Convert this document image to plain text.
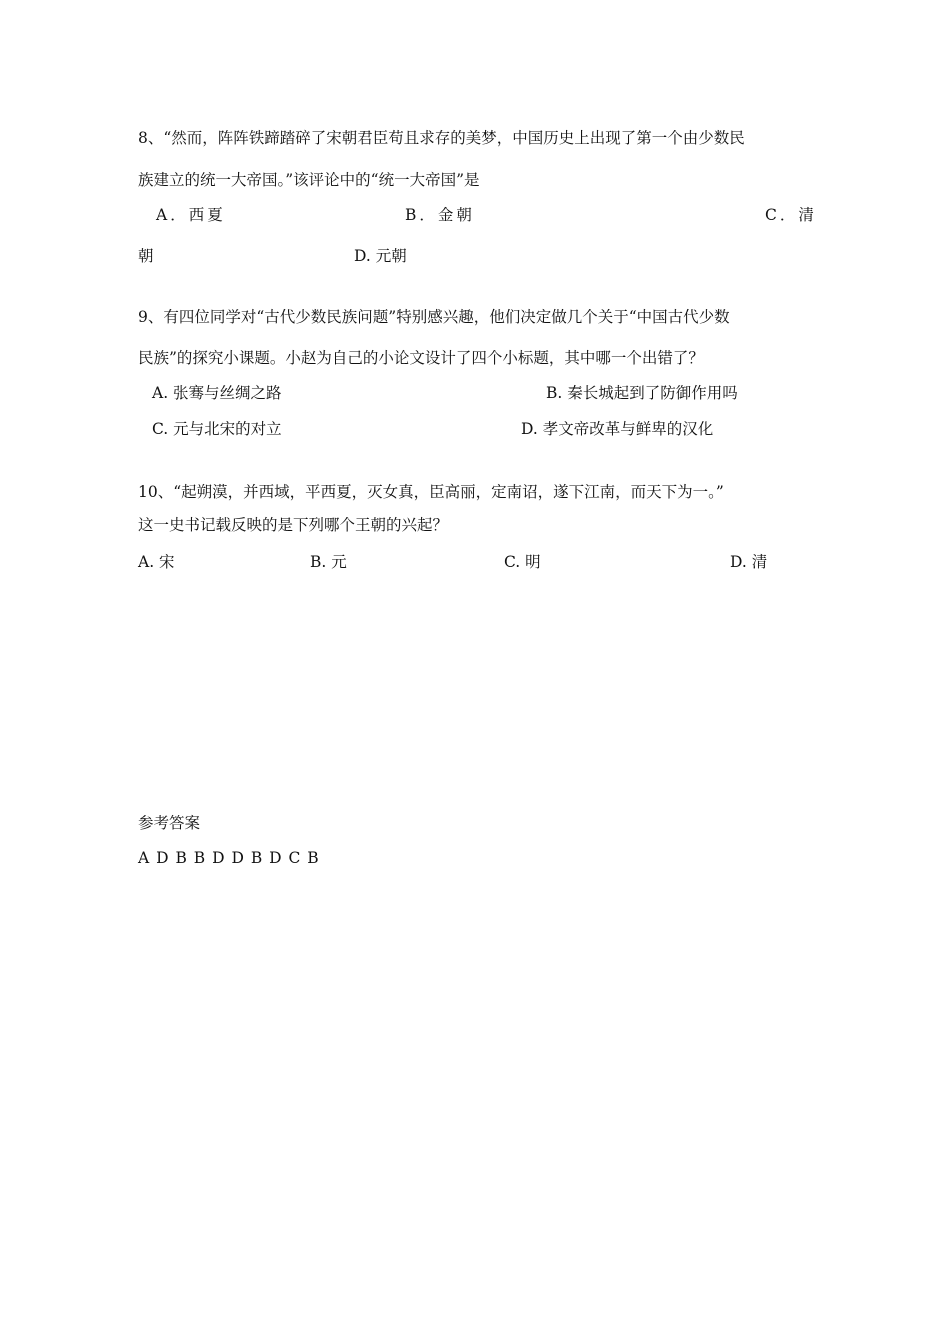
8、“然而，阵阵铁蹄踏碎了宋朝君臣苟且求存的美梦，中国历史上出现了第一个由少数民
族建立的统一大帝国。”该评论中的“统一大帝国”是
A．西夏	B．金朝	C．清
朝	D. 元朝
9、有四位同学对“古代少数民族问题”特别感兴趣，他们决定做几个关于“中国古代少数
民族”的探究小课题。小赵为自己的小论文设计了四个小标题，其中哪一个出错了？
A. 张骞与丝绸之路	B. 秦长城起到了防御作用吗
C. 元与北宋的对立	D. 孝文帝改革与鲜卑的汉化
10、“起朔漠，并西域，平西夏，灭女真，臣高丽，定南诏，遂下江南，而天下为一。”
这一史书记载反映的是下列哪个王朝的兴起？
A. 宋	B. 元	C. 明	D. 清
参考答案
A D B B D D B D C B
